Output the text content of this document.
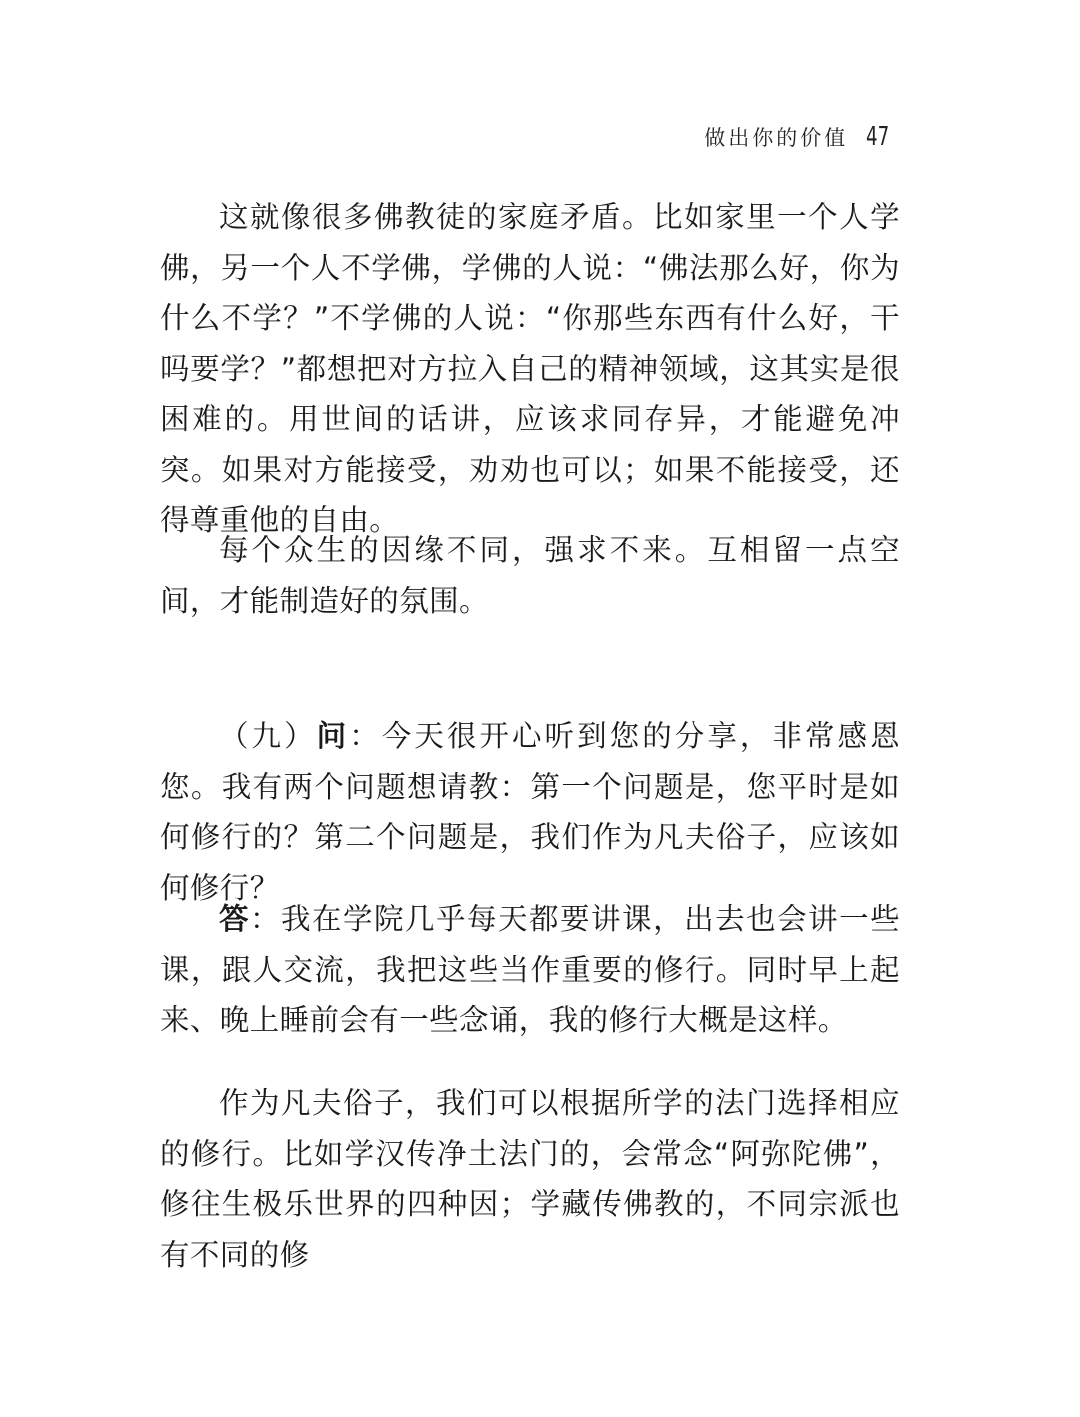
做出你的价值 47

这就像很多佛教徒的家庭矛盾。比如家里一个人学佛，另一个人不学佛，学佛的人说：“佛法那么好，你为什么不学？”不学佛的人说：“你那些东西有什么好，干吗要学？”都想把对方拉入自己的精神领域，这其实是很困难的。用世间的话讲，应该求同存异，才能避免冲突。如果对方能接受，劝劝也可以；如果不能接受，还得尊重他的自由。

每个众生的因缘不同，强求不来。互相留一点空间，才能制造好的氛围。

（九）问：今天很开心听到您的分享，非常感恩您。我有两个问题想请教：第一个问题是，您平时是如何修行的？第二个问题是，我们作为凡夫俗子，应该如何修行？

答：我在学院几乎每天都要讲课，出去也会讲一些课，跟人交流，我把这些当作重要的修行。同时早上起来、晚上睡前会有一些念诵，我的修行大概是这样。

作为凡夫俗子，我们可以根据所学的法门选择相应的修行。比如学汉传净土法门的，会常念“阿弥陀佛”，修往生极乐世界的四种因；学藏传佛教的，不同宗派也有不同的修
